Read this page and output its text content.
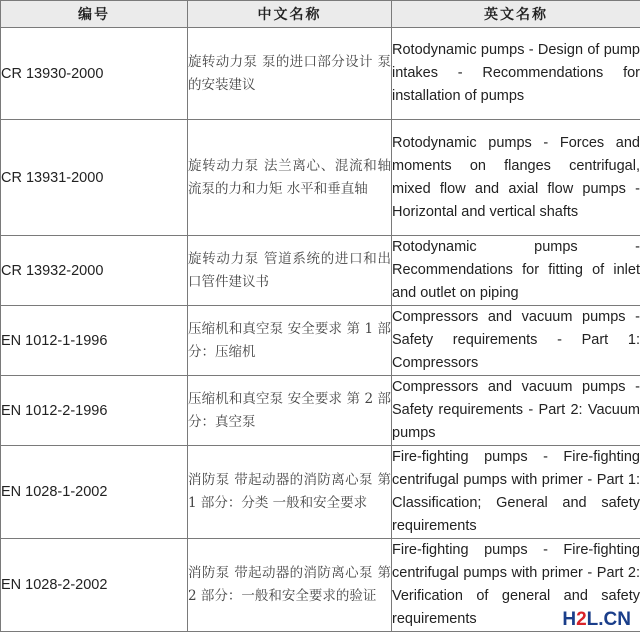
编号	中文名称	英文名称
CR 13930-2000	旋转动力泵 泵的进口部分设计 泵的安装建议	Rotodynamic pumps - Design of pump intakes - Recommendations for installation of pumps
CR 13931-2000	旋转动力泵 法兰离心、混流和轴流泵的力和力矩 水平和垂直轴	Rotodynamic pumps - Forces and moments on flanges centrifugal, mixed flow and axial flow pumps - Horizontal and vertical shafts
CR 13932-2000	旋转动力泵 管道系统的进口和出口管件建议书	Rotodynamic pumps - Recommendations for fitting of inlet and outlet on piping
EN 1012-1-1996	压缩机和真空泵 安全要求 第 1 部分：压缩机	Compressors and vacuum pumps - Safety requirements - Part 1: Compressors
EN 1012-2-1996	压缩机和真空泵 安全要求 第 2 部分：真空泵	Compressors and vacuum pumps - Safety requirements - Part 2: Vacuum pumps
EN 1028-1-2002	消防泵 带起动器的消防离心泵 第 1 部分：分类 一般和安全要求	Fire-fighting pumps - Fire-fighting centrifugal pumps with primer - Part 1: Classification; General and safety requirements
EN 1028-2-2002	消防泵 带起动器的消防离心泵 第 2 部分：一般和安全要求的验证	Fire-fighting pumps - Fire-fighting centrifugal pumps with primer - Part 2: Verification of general and safety requirements	H2L.CN
